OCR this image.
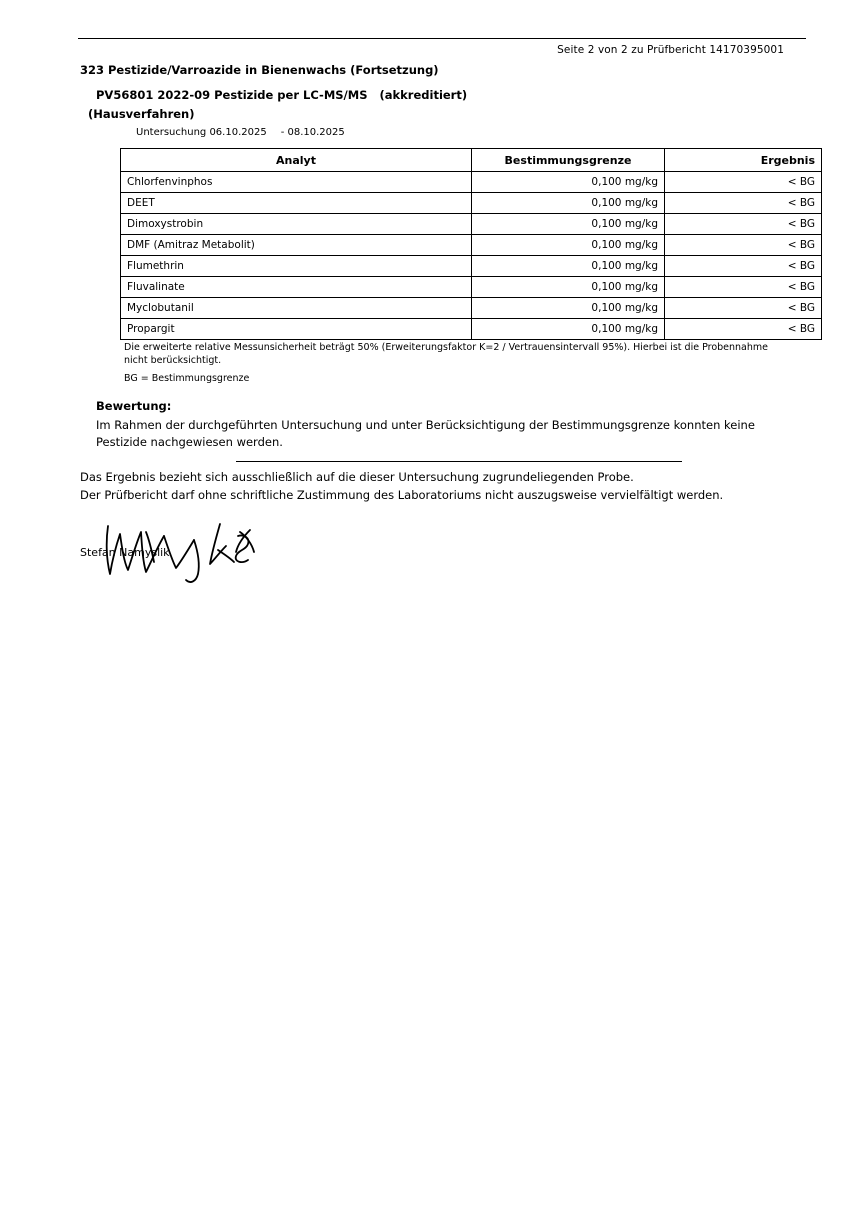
Seite 2 von 2 zu Prüfbericht 14170395001
323 Pestizide/Varroazide in Bienenwachs (Fortsetzung)
PV56801 2022-09 Pestizide per LC-MS/MS (akkreditiert)
(Hausverfahren)
Untersuchung 06.10.2025 - 08.10.2025
Analyt	Bestimmungsgrenze	Ergebnis
Chlorfenvinphos	0,100 mg/kg	< BG
DEET	0,100 mg/kg	< BG
Dimoxystrobin	0,100 mg/kg	< BG
DMF (Amitraz Metabolit)	0,100 mg/kg	< BG
Flumethrin	0,100 mg/kg	< BG
Fluvalinate	0,100 mg/kg	< BG
Myclobutanil	0,100 mg/kg	< BG
Propargit	0,100 mg/kg	< BG
Die erweiterte relative Messunsicherheit beträgt 50% (Erweiterungsfaktor K=2 / Vertrauensintervall 95%). Hierbei ist die Probennahme nicht berücksichtigt.
BG = Bestimmungsgrenze
Bewertung:
Im Rahmen der durchgeführten Untersuchung und unter Berücksichtigung der Bestimmungsgrenze konnten keine Pestizide nachgewiesen werden.
Das Ergebnis bezieht sich ausschließlich auf die dieser Untersuchung zugrundeliegenden Probe.
Der Prüfbericht darf ohne schriftliche Zustimmung des Laboratoriums nicht auszugsweise vervielfältigt werden.
Stefan Namyslik
